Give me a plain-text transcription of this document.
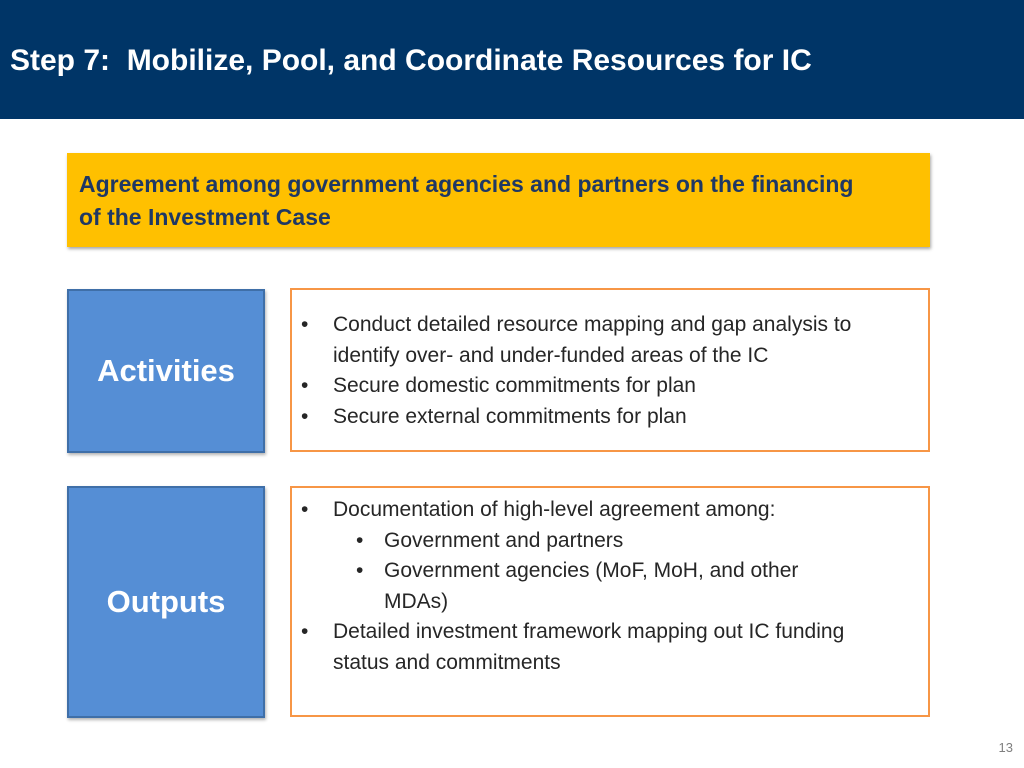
Step 7:  Mobilize, Pool, and Coordinate Resources for IC
Agreement among government agencies and partners on the financing of the Investment Case
Activities
• Conduct detailed resource mapping and gap analysis to identify over- and under-funded areas of the IC
• Secure domestic commitments for plan
• Secure external commitments for plan
Outputs
• Documentation of high-level agreement among:
• Government and partners
• Government agencies (MoF, MoH, and other MDAs)
• Detailed investment framework mapping out IC funding status and commitments
13
